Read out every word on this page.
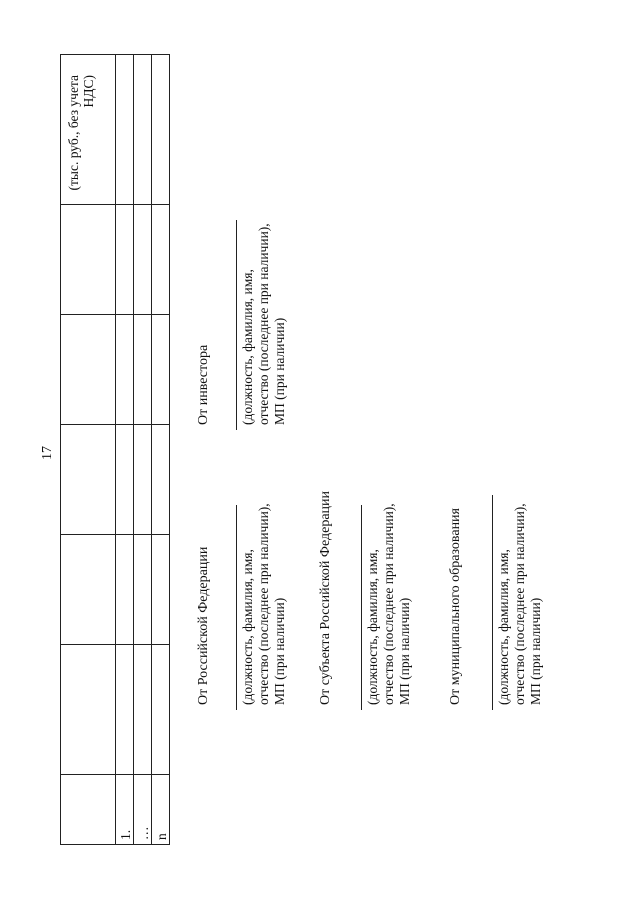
17
1. … n
(тыс. руб., без учета НДС)
От Российской Федерации (должность, фамилия, имя, отчество (последнее при наличии), МП (при наличии) От субъекта Российской Федерации (должность, фамилия, имя, отчество (последнее при наличии), МП (при наличии)	От муниципального образования (должность, фамилия, имя, отчество (последнее при наличии), МП (при наличии)
От инвестора (должность, фамилия, имя, отчество (последнее при наличии), МП (при наличии)
